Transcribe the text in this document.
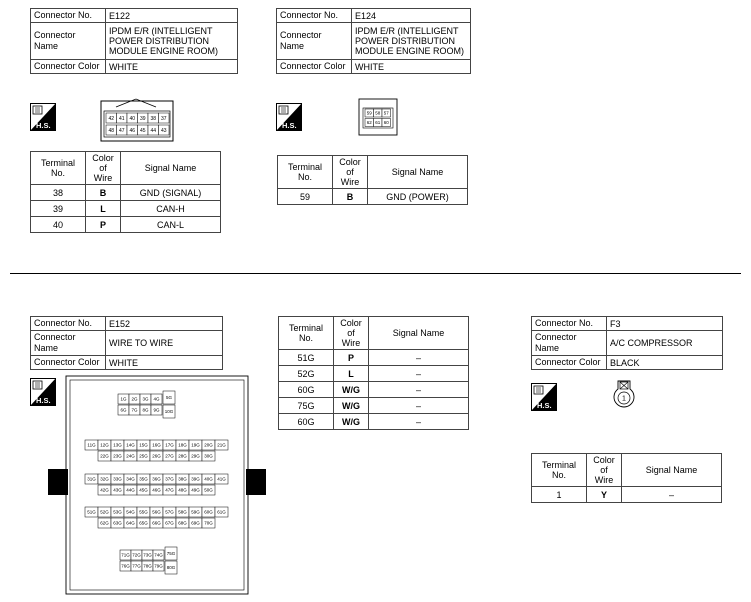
Connector No.	E122
Connector Name	IPDM E/R (INTELLIGENT POWER DISTRIBUTION MODULE ENGINE ROOM)
Connector Color	WHITE
H.S.
42 41 40 39 38 37
48 47 46 45 44 43
Terminal No.	Color of Wire	Signal Name
38	B	GND (SIGNAL)
39	L	CAN-H
40	P	CAN-L
Connector No.	E124
Connector Name	IPDM E/R (INTELLIGENT POWER DISTRIBUTION MODULE ENGINE ROOM)
Connector Color	WHITE
H.S.
59 58 57
62 61 60
Terminal No.	Color of Wire	Signal Name
59	B	GND (POWER)
Connector No.	E152
Connector Name	WIRE TO WIRE
Connector Color	WHITE
H.S.	1G 2G 3G 4G
6G 7G 8G 9G
5G
10G
11G 12G 13G 14G 15G 16G 17G 18G 19G 20G 21G
22G 23G 24G 25G 26G 27G 28G 29G 30G
31G 32G 33G 34G 35G 36G 37G 38G 39G 40G 41G
42G 43G 44G 45G 46G 47G 48G 49G 50G
51G 52G 53G 54G 55G 56G 57G 58G 59G 60G 61G
62G 63G 64G 65G 66G 67G 68G 69G 70G
71G 72G 73G 74G
76G 77G 78G 79G
75G
80G
Terminal No.	Color of Wire	Signal Name
51G	P	–
52G	L	–
60G	W/G	–
75G	W/G	–
60G	W/G	–
Connector No.	F3
Connector Name	A/C COMPRESSOR
Connector Color	BLACK
H.S.
1
Terminal No.	Color of Wire	Signal Name
1	Y	–
